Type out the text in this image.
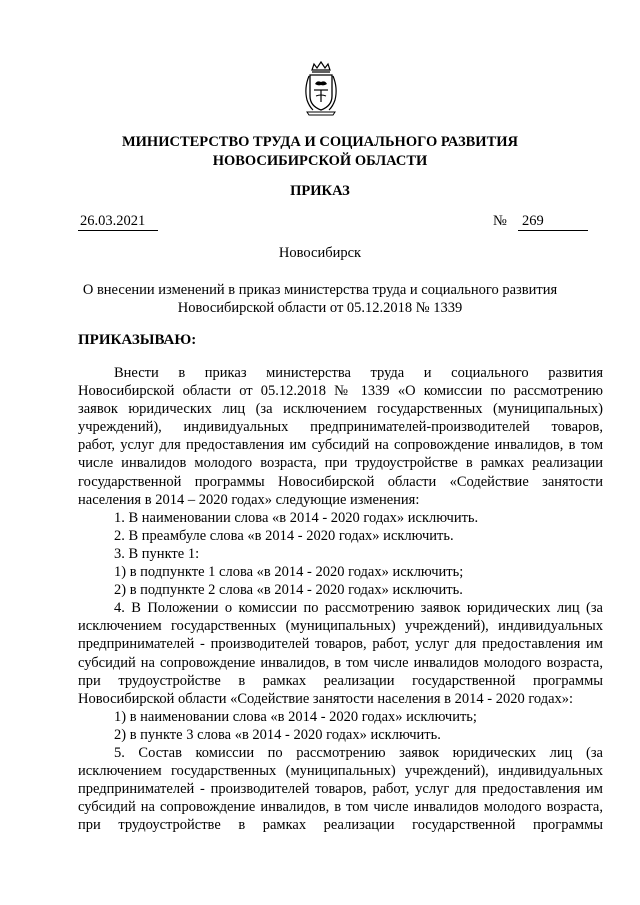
МИНИСТЕРСТВО ТРУДА И СОЦИАЛЬНОГО РАЗВИТИЯ
НОВОСИБИРСКОЙ ОБЛАСТИ
ПРИКАЗ
26.03.2021	№ 269
Новосибирск
О внесении изменений в приказ министерства труда и социального развития
Новосибирской области от 05.12.2018 № 1339
ПРИКАЗЫВАЮ:
Внести в приказ министерства труда и социального развития
Новосибирской области от 05.12.2018 № 1339 «О комиссии по рассмотрению
заявок юридических лиц (за исключением государственных (муниципальных)
учреждений), индивидуальных предпринимателей-производителей товаров,
работ, услуг для предоставления им субсидий на сопровождение инвалидов, в том
числе инвалидов молодого возраста, при трудоустройстве в рамках реализации
государственной программы Новосибирской области «Содействие занятости
населения в 2014 – 2020 годах» следующие изменения:
1. В наименовании слова «в 2014 - 2020 годах» исключить.
2. В преамбуле слова «в 2014 - 2020 годах» исключить.
3. В пункте 1:
1) в подпункте 1 слова «в 2014 - 2020 годах» исключить;
2) в подпункте 2 слова «в 2014 - 2020 годах» исключить.
4. В Положении о комиссии по рассмотрению заявок юридических лиц (за
исключением государственных (муниципальных) учреждений), индивидуальных
предпринимателей - производителей товаров, работ, услуг для предоставления им
субсидий на сопровождение инвалидов, в том числе инвалидов молодого возраста,
при трудоустройстве в рамках реализации государственной программы
Новосибирской области «Содействие занятости населения в 2014 - 2020 годах»:
1) в наименовании слова «в 2014 - 2020 годах» исключить;
2) в пункте 3 слова «в 2014 - 2020 годах» исключить.
5. Состав комиссии по рассмотрению заявок юридических лиц (за
исключением государственных (муниципальных) учреждений), индивидуальных
предпринимателей - производителей товаров, работ, услуг для предоставления им
субсидий на сопровождение инвалидов, в том числе инвалидов молодого возраста,
при трудоустройстве в рамках реализации государственной программы
